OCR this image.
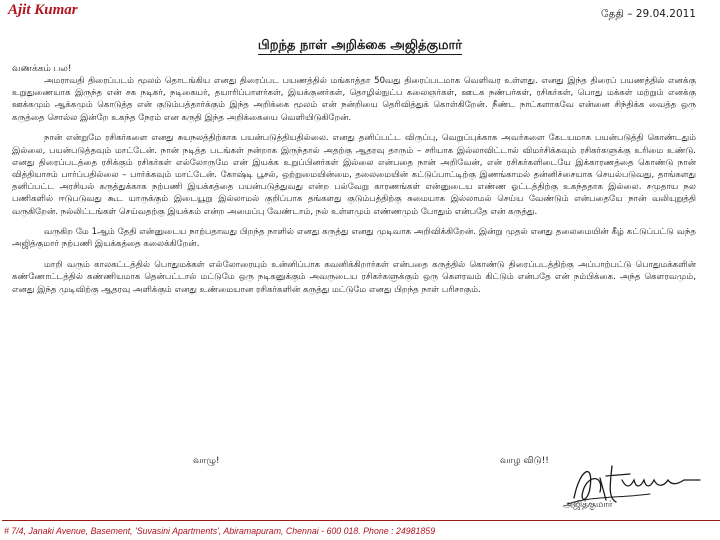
Ajit Kumar	தேதி – 29.04.2011
பிறந்த நாள் அறிக்கை அஜித்குமார்
வணக்கம் பல!

அமராவதி திரைப்படம் மூலம் தொடங்கிய எனது திரைப்பட பயணத்தில் மங்காத்தா 50வது திரைப்படமாக வெளிவர உள்ளது. எனது இந்த திரைப் பயணத்தில் எனக்கு உறுதுணையாக இருந்த என் சக நடிகர், நடிகையர், தயாரிப்பாளர்கள், இயக்குனர்கள், தொழில்நுட்ப கலைஞர்கள், ஊடக நண்பர்கள், ரசிகர்கள், பொது மக்கள் மற்றும் எனக்கு ஊக்கமும் ஆக்கமும் கொடுத்த என் குடும்பத்தார்க்கும் இந்த அறிக்கை மூலம் என் நன்றியை தெரிவித்துக் கொள்கிறேன். நீண்ட நாட்களாகவே என்னை சிந்திக்க வைத்த ஒரு கருத்தை சொல்ல இன்றே உகந்த நேரம் என கருதி இந்த அறிக்கையை வெளியிடுகிறேன்.

நான் என்றுமே ரசிகர்களை எனது சுயநலத்திற்காக பயன்படுத்தியதில்லை. எனது தனிப்பட்ட விருப்பு, வெறுப்புக்காக அவர்களை கேடயமாக பயன்படுத்தி கொண்டதும் இல்லை, பயன்படுத்தவும் மாட்டேன். நான் நடித்த படங்கள் நன்றாக இருந்தால் அதற்கு ஆதரவு தாரும் – சரியாக இல்லாவிட்டால் விமர்சிக்கவும் ரசிகர்களுக்கு உரிமை உண்டு. எனது திரைப்படத்தை ரசிக்கும் ரசிகர்கள் எல்லோருமே என் இயக்க உறுப்பினர்கள் இல்லை என்பதை நான் அறிவேன், என் ரசிகர்களிடையே இக்காரணத்தை கொண்டு நான் வித்தியாசம் பார்ப்பதில்லை – பார்க்கவும் மாட்டேன். கோஷ்டி பூசல், ஒற்றுமையின்மை, தலைமையின் கட்டுப்பாட்டிற்கு இணங்காமல் தன்னிச்சையாக செயல்படுவது, தாங்களது தனிப்பட்ட அரசியல் கருத்துக்காக நற்பணி இயக்கத்தை பயன்படுத்துவது என்ற பல்வேறு காரணங்கள் என்னுடைய எண்ண ஓட்டத்திற்கு உகந்ததாக இல்லை. சமுதாய நல பணிகளில் ஈடுபடுவது கூட யாருக்கும் இடையூறு இல்லாமல் குறிப்பாக தங்களது குடும்பத்திற்கு சுமையாக இல்லாமல் செய்ய வேண்டும் என்பதையே நான் வலியுறுத்தி வருகிறேன். நல்லிட்டங்கள் செய்வதற்கு இயக்கம் என்ற அமைப்பு வேண்டாம், நல் உள்ளமும் எண்ணமும் போதும் என்பதே என் கருத்து.

வருகிற மே 1ஆம் தேதி என்னுடைய நாற்பதாவது பிறந்த நாளில் எனது கருத்து எனது முடிவாக அறிவிக்கிறேன். இன்று முதல் எனது தலைமையின் கீழ் கட்டுப்பட்டு வந்த அஜித்குமார் நற்பணி இயக்கத்தை கலைக்கிறேன்.

மாறி வரும் காலகட்டத்தில் பொதுமக்கள் எல்லோரையும் உன்னிப்பாக கவனிக்கிறார்கள் என்பதை கருத்தில் கொண்டு திரைப்படத்திற்கு அப்பாற்பட்டு பொதுமக்களின் கண்ணோட்டத்தில் கண்ணியமாக தென்பட்டால் மட்டுமே ஒரு நடிகனுக்கும் அவருடைய ரசிகர்களுக்கும் ஒரு கௌரவம் கிட்டும் என்பதே என் நம்பிக்கை. அந்த கௌரவமும், எனது இந்த முடிவிற்கு ஆதரவு அளிக்கும் எனது உண்மையான ரசிகர்களின் கருத்து மட்டுமே எனது பிறந்த நாள் பரிசாகும்.

வாழு!	வாழ விடு!!
அஜித்குமார்
# 7/4, Janaki Avenue, Basement, 'Suvasini Apartments', Abiramapuram, Chennai - 600 018. Phone : 24981859
